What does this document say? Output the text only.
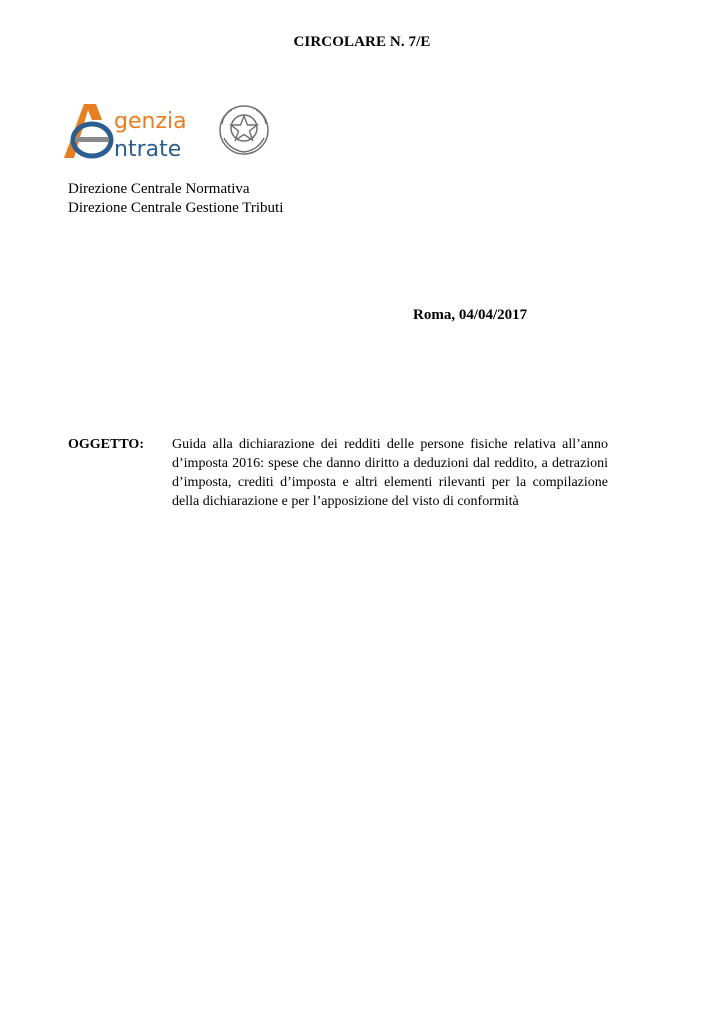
CIRCOLARE N. 7/E
genzia
ntrate
Direzione Centrale Normativa
Direzione Centrale Gestione Tributi
Roma, 04/04/2017
OGGETTO: Guida alla dichiarazione dei redditi delle persone fisiche relativa all’anno d’imposta 2016: spese che danno diritto a deduzioni dal reddito, a detrazioni d’imposta, crediti d’imposta e altri elementi rilevanti per la compilazione della dichiarazione e per l’apposizione del visto di conformità
